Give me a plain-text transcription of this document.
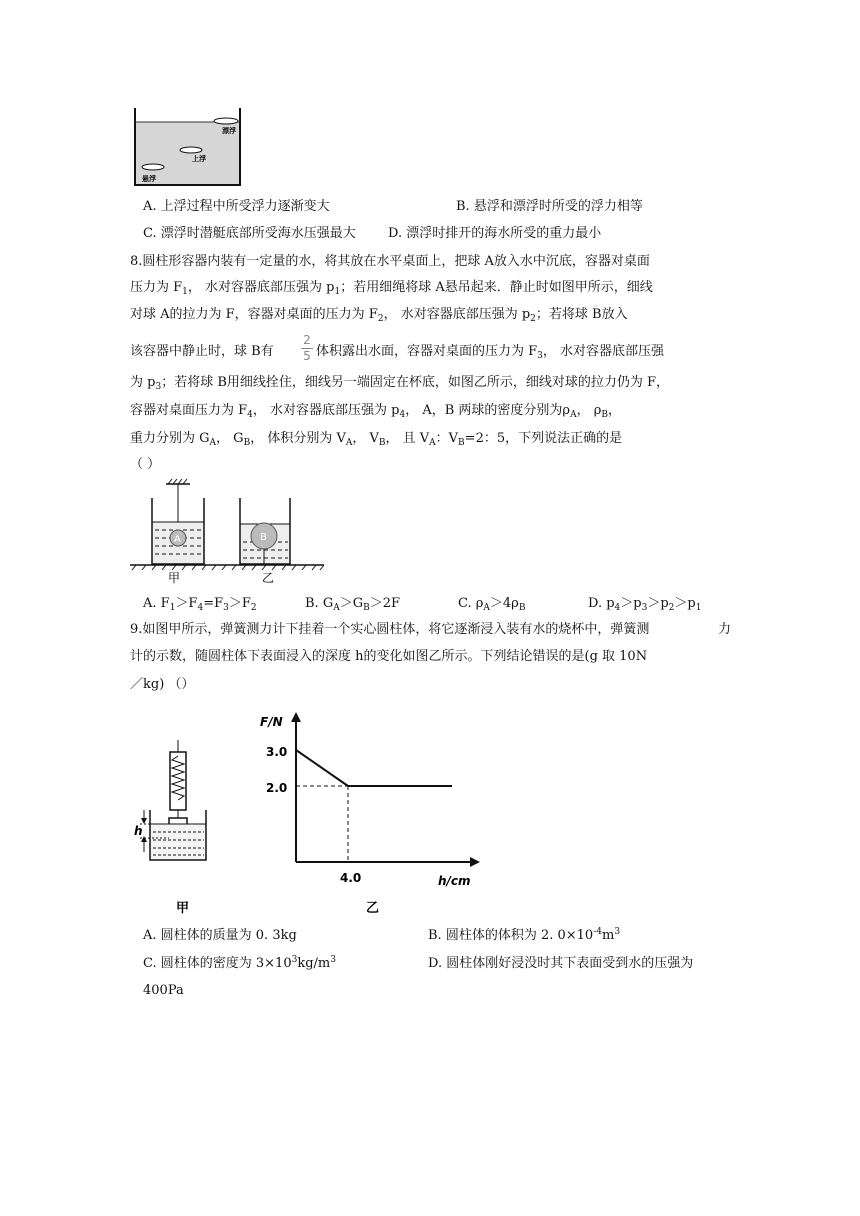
漂浮
上浮
悬浮
A. 上浮过程中所受浮力逐渐变大	B. 悬浮和漂浮时所受的浮力相等
C. 漂浮时潜艇底部所受海水压强最大 D. 漂浮时排开的海水所受的重力最小
8.圆柱形容器内装有一定量的水，将其放在水平桌面上，把球 A放入水中沉底，容器对桌面
压力为 $F_1$， 水对容器底部压强为 $p_1$；若用细绳将球 A悬吊起来．静止时如图甲所示，细线
对球 A的拉力为 F，容器对桌面的压力为 $F_2$， 水对容器底部压强为 $p_2$；若将球 B放入
该容器中静止时，球 B有
2
5 体积露出水面，容器对桌面的压力为 $F_3$， 水对容器底部压强
为 $p_3$；若将球 B用细线拴住，细线另一端固定在杯底，如图乙所示，细线对球的拉力仍为 F，
容器对桌面压力为 $F_4$， 水对容器底部压强为 $p_4$， A，B 两球的密度分别为$\rho_A$， $\rho_B$，
重力分别为 $G_A$， $G_B$， 体积分别为 $V_A$， $V_B$， 且 $V_A$：$V_B=2$：5，下列说法正确的是
（ ）
A	B
甲	乙
A. $F_1>F_4=F_3>F_2$	B. $G_A>G_B>2F$	C. $\rho_A>4\rho_B$	D. $p_4>p_3>p_2>p_1$
9.如图甲所示，弹簧测力计下挂着一个实心圆柱体，将它逐渐浸入装有水的烧杯中，弹簧测	力
计的示数，随圆柱体下表面浸入的深度 h的变化如图乙所示。下列结论错误的是(g 取 10N
／kg) （）
h
甲
F/N
h/cm
3.0
2.0
4.0
乙
A. 圆柱体的质量为 0. 3kg	B. 圆柱体的体积为 2. $0\times 10^{-4}m^3$
C. 圆柱体的密度为 $3\times 10^3kg/m^3$	D. 圆柱体刚好浸没时其下表面受到水的压强为
400Pa
